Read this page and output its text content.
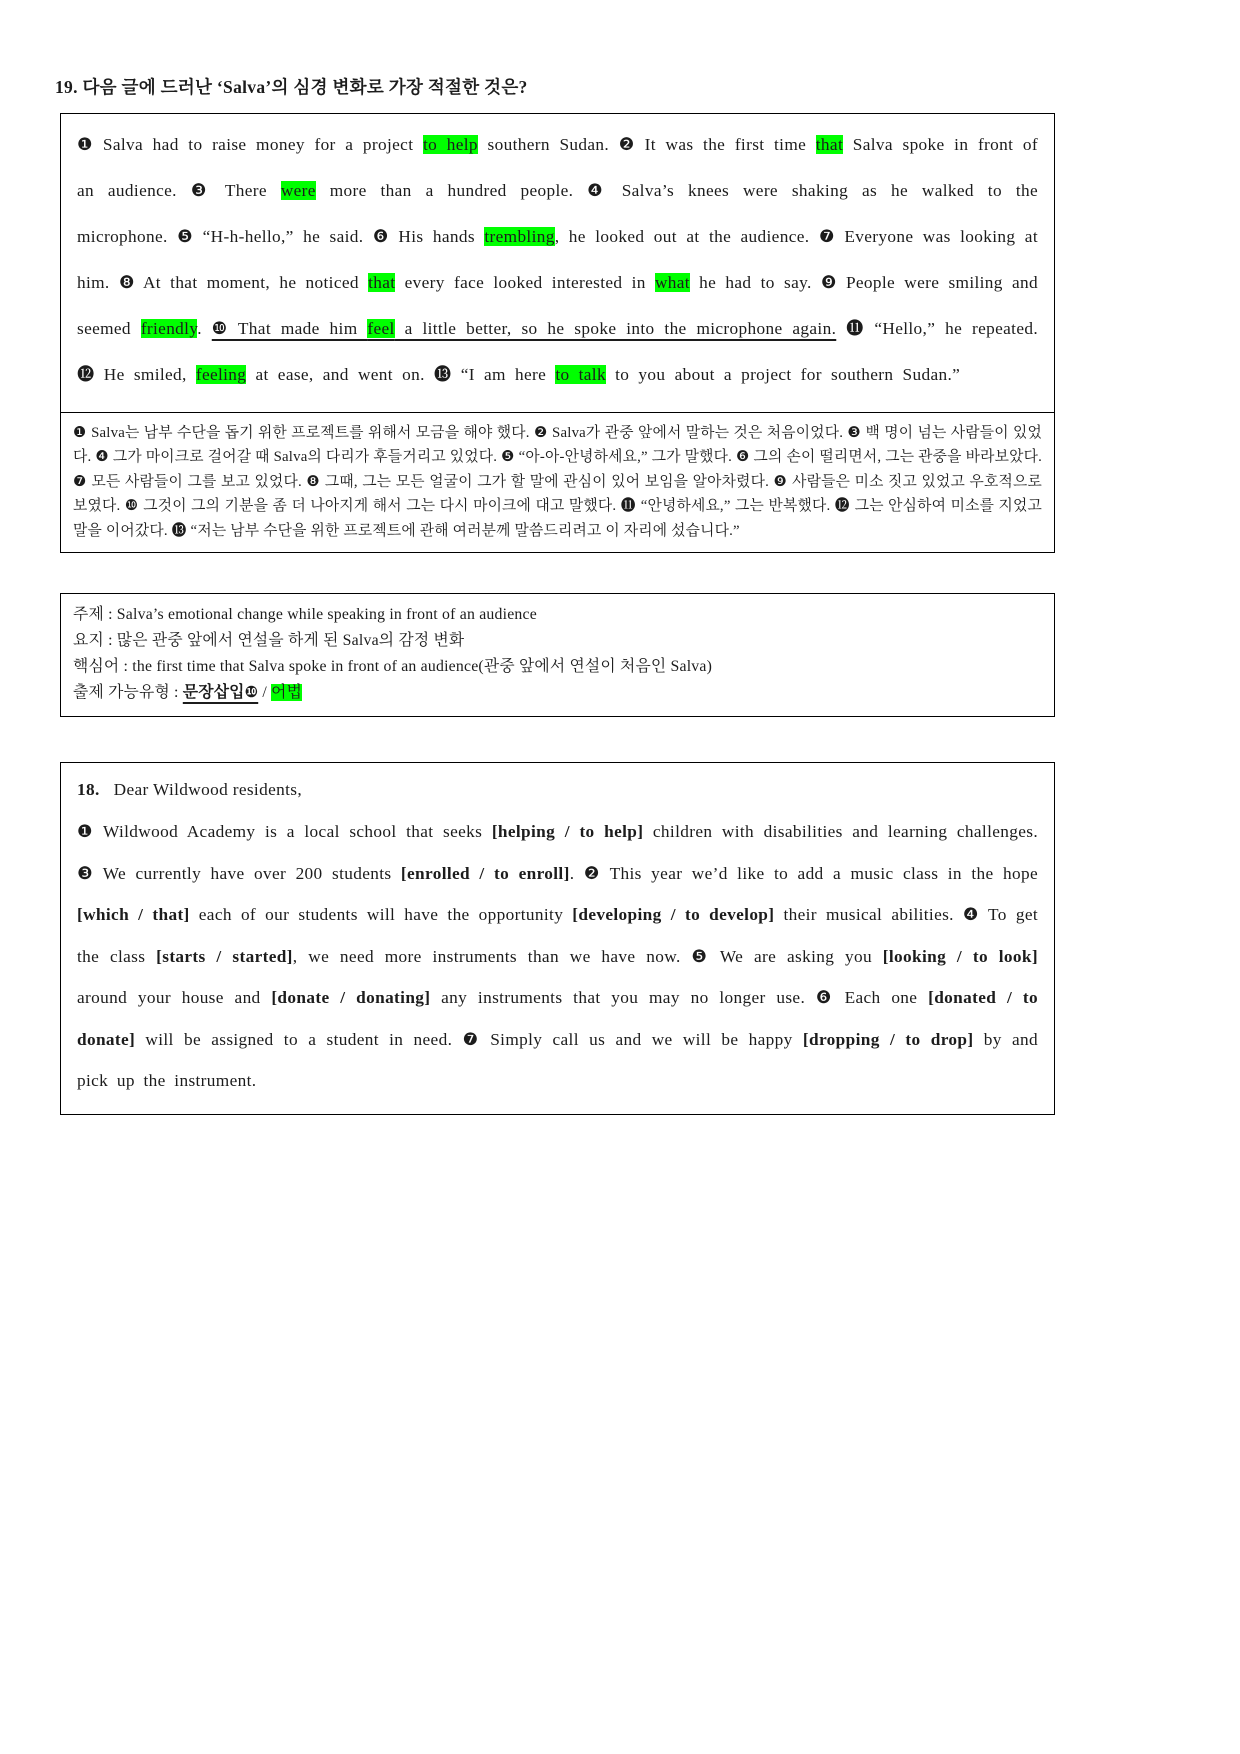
19. 다음 글에 드러난 ‘Salva’의 심경 변화로 가장 적절한 것은?

❶ Salva had to raise money for a project to help southern Sudan. ❷ It was the first time that Salva spoke in front of an audience. ❸ There were more than a hundred people. ❹ Salva’s knees were shaking as he walked to the microphone. ❺ “H-h-hello,” he said. ❻ His hands trembling, he looked out at the audience. ❼ Everyone was looking at him. ❽ At that moment, he noticed that every face looked interested in what he had to say. ❾ People were smiling and seemed friendly. ❿ That made him feel a little better, so he spoke into the microphone again. ⓫ “Hello,” he repeated. ⓬ He smiled, feeling at ease, and went on. ⓭ “I am here to talk to you about a project for southern Sudan.”

❶ Salva는 남부 수단을 돕기 위한 프로젝트를 위해서 모금을 해야 했다. ❷ Salva가 관중 앞에서 말하는 것은 처음이었다. ❸ 백 명이 넘는 사람들이 있었다. ❹ 그가 마이크로 걸어갈 때 Salva의 다리가 후들거리고 있었다. ❺ “아-아-안녕하세요,” 그가 말했다. ❻ 그의 손이 떨리면서, 그는 관중을 바라보았다. ❼ 모든 사람들이 그를 보고 있었다. ❽ 그때, 그는 모든 얼굴이 그가 할 말에 관심이 있어 보임을 알아차렸다. ❾ 사람들은 미소 짓고 있었고 우호적으로 보였다. ❿ 그것이 그의 기분을 좀 더 나아지게 해서 그는 다시 마이크에 대고 말했다. ⓫ “안녕하세요,” 그는 반복했다. ⓬ 그는 안심하여 미소를 지었고 말을 이어갔다. ⓭ “저는 남부 수단을 위한 프로젝트에 관해 여러분께 말씀드리려고 이 자리에 섰습니다.”

주제 : Salva’s emotional change while speaking in front of an audience
요지 : 많은 관중 앞에서 연설을 하게 된 Salva의 감정 변화
핵심어 : the first time that Salva spoke in front of an audience(관중 앞에서 연설이 처음인 Salva)
출제 가능유형 : 문장삽입❿ / 어법
18.   Dear Wildwood residents,

❶ Wildwood Academy is a local school that seeks [helping / to help] children with disabilities and learning challenges. ❸ We currently have over 200 students [enrolled / to enroll]. ❷ This year we’d like to add a music class in the hope [which / that] each of our students will have the opportunity [developing / to develop] their musical abilities. ❹ To get the class [starts / started], we need more instruments than we have now. ❺ We are asking you [looking / to look] around your house and [donate / donating] any instruments that you may no longer use. ❻ Each one [donated / to donate] will be assigned to a student in need. ❼ Simply call us and we will be happy [dropping / to drop] by and pick up the instrument.
